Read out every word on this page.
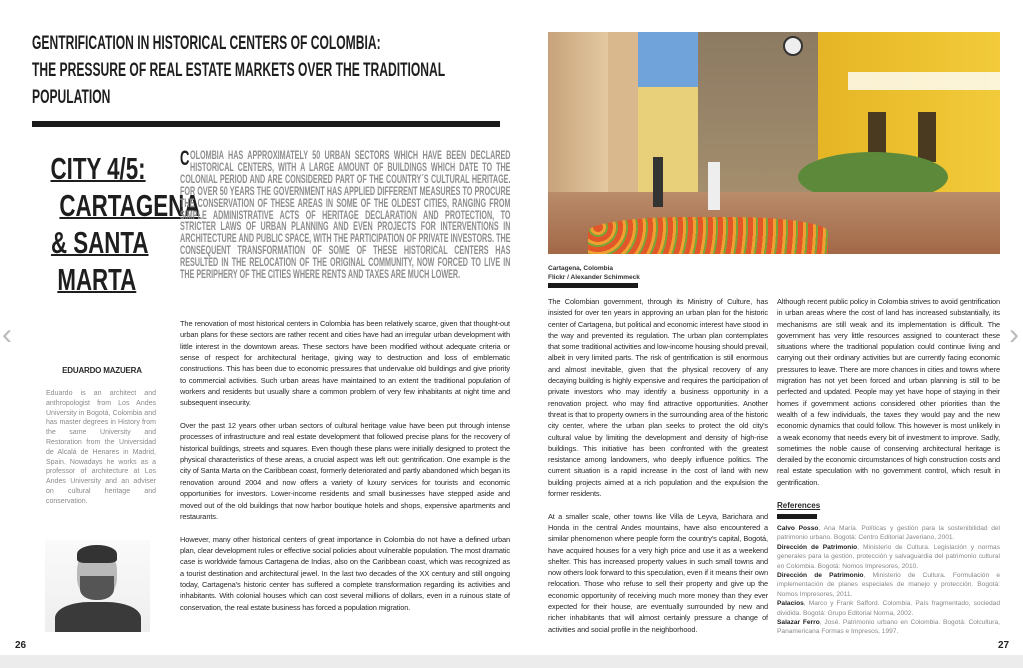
GENTRIFICATION IN HISTORICAL CENTERS OF COLOMBIA:
THE PRESSURE OF REAL ESTATE MARKETS OVER THE TRADITIONAL
POPULATION
CITY 4/5:
CARTAGENA
& SANTA
MARTA
EDUARDO MAZUERA
Eduardo is an architect and anthropologist from Los Andes University in Bogotá, Colombia and has master degrees in History from the same University and Restoration from the Universidad de Alcalá de Henares in Madrid, Spain. Nowadays he works as a professor of architecture at Los Andes University and an adviser on cultural heritage and conservation.
COLOMBIA HAS APPROXIMATELY 50 URBAN SECTORS WHICH HAVE BEEN DECLARED HISTORICAL CENTERS, WITH A LARGE AMOUNT OF BUILDINGS WHICH DATE TO THE COLONIAL PERIOD AND ARE CONSIDERED PART OF THE COUNTRY´S CULTURAL HERITAGE. FOR OVER 50 YEARS THE GOVERNMENT HAS APPLIED DIFFERENT MEASURES TO PROCURE THE CONSERVATION OF THESE AREAS IN SOME OF THE OLDEST CITIES, RANGING FROM SIMPLE ADMINISTRATIVE ACTS OF HERITAGE DECLARATION AND PROTECTION, TO STRICTER LAWS OF URBAN PLANNING AND EVEN PROJECTS FOR INTERVENTIONS IN ARCHITECTURE AND PUBLIC SPACE, WITH THE PARTICIPATION OF PRIVATE INVESTORS. THE CONSEQUENT TRANSFORMATION OF SOME OF THESE HISTORICAL CENTERS HAS RESULTED IN THE RELOCATION OF THE ORIGINAL COMMUNITY, NOW FORCED TO LIVE IN THE PERIPHERY OF THE CITIES WHERE RENTS AND TAXES ARE MUCH LOWER.

The renovation of most historical centers in Colombia has been relatively scarce, given that thought-out urban plans for these sectors are rather recent and cities have had an irregular urban development with little interest in the downtown areas. These sectors have been modified without adequate criteria or sense of respect for architectural heritage, giving way to destruction and loss of emblematic constructions. This has been due to economic pressures that undervalue old buildings and give priority to commercial activities. Such urban areas have maintained to an extent the traditional population of workers and residents but usually share a common problem of very few inhabitants at night time and subsequent insecurity.

Over the past 12 years other urban sectors of cultural heritage value have been put through intense processes of infrastructure and real estate development that followed precise plans for the recovery of historical buildings, streets and squares. Even though these plans were initially designed to protect the physical characteristics of these areas, a crucial aspect was left out: gentrification. One example is the city of Santa Marta on the Caribbean coast, formerly deteriorated and partly abandoned which began its renovation around 2004 and now offers a variety of luxury services for tourists and economic opportunities for investors. Lower-income residents and small businesses have stepped aside and moved out of the old buildings that now harbor boutique hotels and shops, expensive apartments and restaurants.

However, many other historical centers of great importance in Colombia do not have a defined urban plan, clear development rules or effective social policies about vulnerable population. The most dramatic case is worldwide famous Cartagena de Indias, also on the Caribbean coast, which was recognized as a tourist destination and architectural jewel. In the last two decades of the XX century and still ongoing today, Cartagena's historic center has suffered a complete transformation regarding its activities and inhabitants. With colonial houses which can cost several millions of dollars, even in a ruinous state of conservation, the real estate business has forced a population migration.

26
Cartagena, Colombia
Flickr / Alexander Schimmeck

The Colombian government, through its Ministry of Culture, has insisted for over ten years in approving an urban plan for the historic center of Cartagena, but political and economic interest have stood in the way and prevented its regulation. The urban plan contemplates that some traditional activities and low-income housing should prevail, albeit in very limited parts. The risk of gentrification is still enormous and almost inevitable, given that the physical recovery of any decaying building is highly expensive and requires the participation of private investors who may identify a business opportunity in a renovation project. who may find attractive opportunities. Another threat is that to property owners in the surrounding area of the historic city center, where the urban plan seeks to protect the old city's cultural value by limiting the development and density of high-rise buildings. This initiative has been confronted with the greatest resistance among landowners, who deeply influence politics. The current situation is a rapid increase in the cost of land with new building projects aimed at a rich population and the expulsion the former residents.

At a smaller scale, other towns like Villa de Leyva, Barichara and Honda in the central Andes mountains, have also encountered a similar phenomenon where people form the country's capital, Bogotá, have acquired houses for a very high price and use it as a weekend shelter. This has increased property values in such small towns and now others look forward to this speculation, even if it means their own relocation. Those who refuse to sell their property and give up the economic opportunity of receiving much more money than they ever expected for their house, are eventually surrounded by new and richer inhabitants that will almost certainly pressure a change of activities and social profile in the neighborhood.

Although recent public policy in Colombia strives to avoid gentrification in urban areas where the cost of land has increased substantially, its mechanisms are still weak and its implementation is difficult. The government has very little resources assigned to counteract these situations where the traditional population could continue living and carrying out their ordinary activities but are currently facing economic pressures to leave. There are more chances in cities and towns where migration has not yet been forced and urban planning is still to be perfected and updated. People may yet have hope of staying in their homes if government actions considered other priorities than the wealth of a few individuals, the taxes they would pay and the new economic dynamics that could follow. This however is most unlikely in a weak economy that needs every bit of investment to improve. Sadly, sometimes the noble cause of conserving architectural heritage is derailed by the economic circumstances of high construction costs and real estate speculation with no government control, which result in gentrification.

References
Calvo Posso, Ana María. Políticas y gestión para la sostenibilidad del patrimonio urbano. Bogotá: Centro Editorial Javeriano, 2001.
Dirección de Patrimonio, Ministerio de Cultura. Legislación y normas generales para la gestión, protección y salvaguardia del patrimonio cultural en Colombia. Bogotá: Nomos Impresores, 2010.
Dirección de Patrimonio, Ministerio de Cultura. Formulación e implementación de planes especiales de manejo y protección. Bogotá: Nomos Impresores, 2011.
Palacios, Marco y Frank Safford. Colombia. País fragmentado, sociedad dividida. Bogotá: Grupo Editorial Norma, 2002.
Salazar Ferro, José. Patrimonio urbano en Colombia. Bogotá: Colcultura, Panamericana Formas e Impresos, 1997.
27
‹	›
